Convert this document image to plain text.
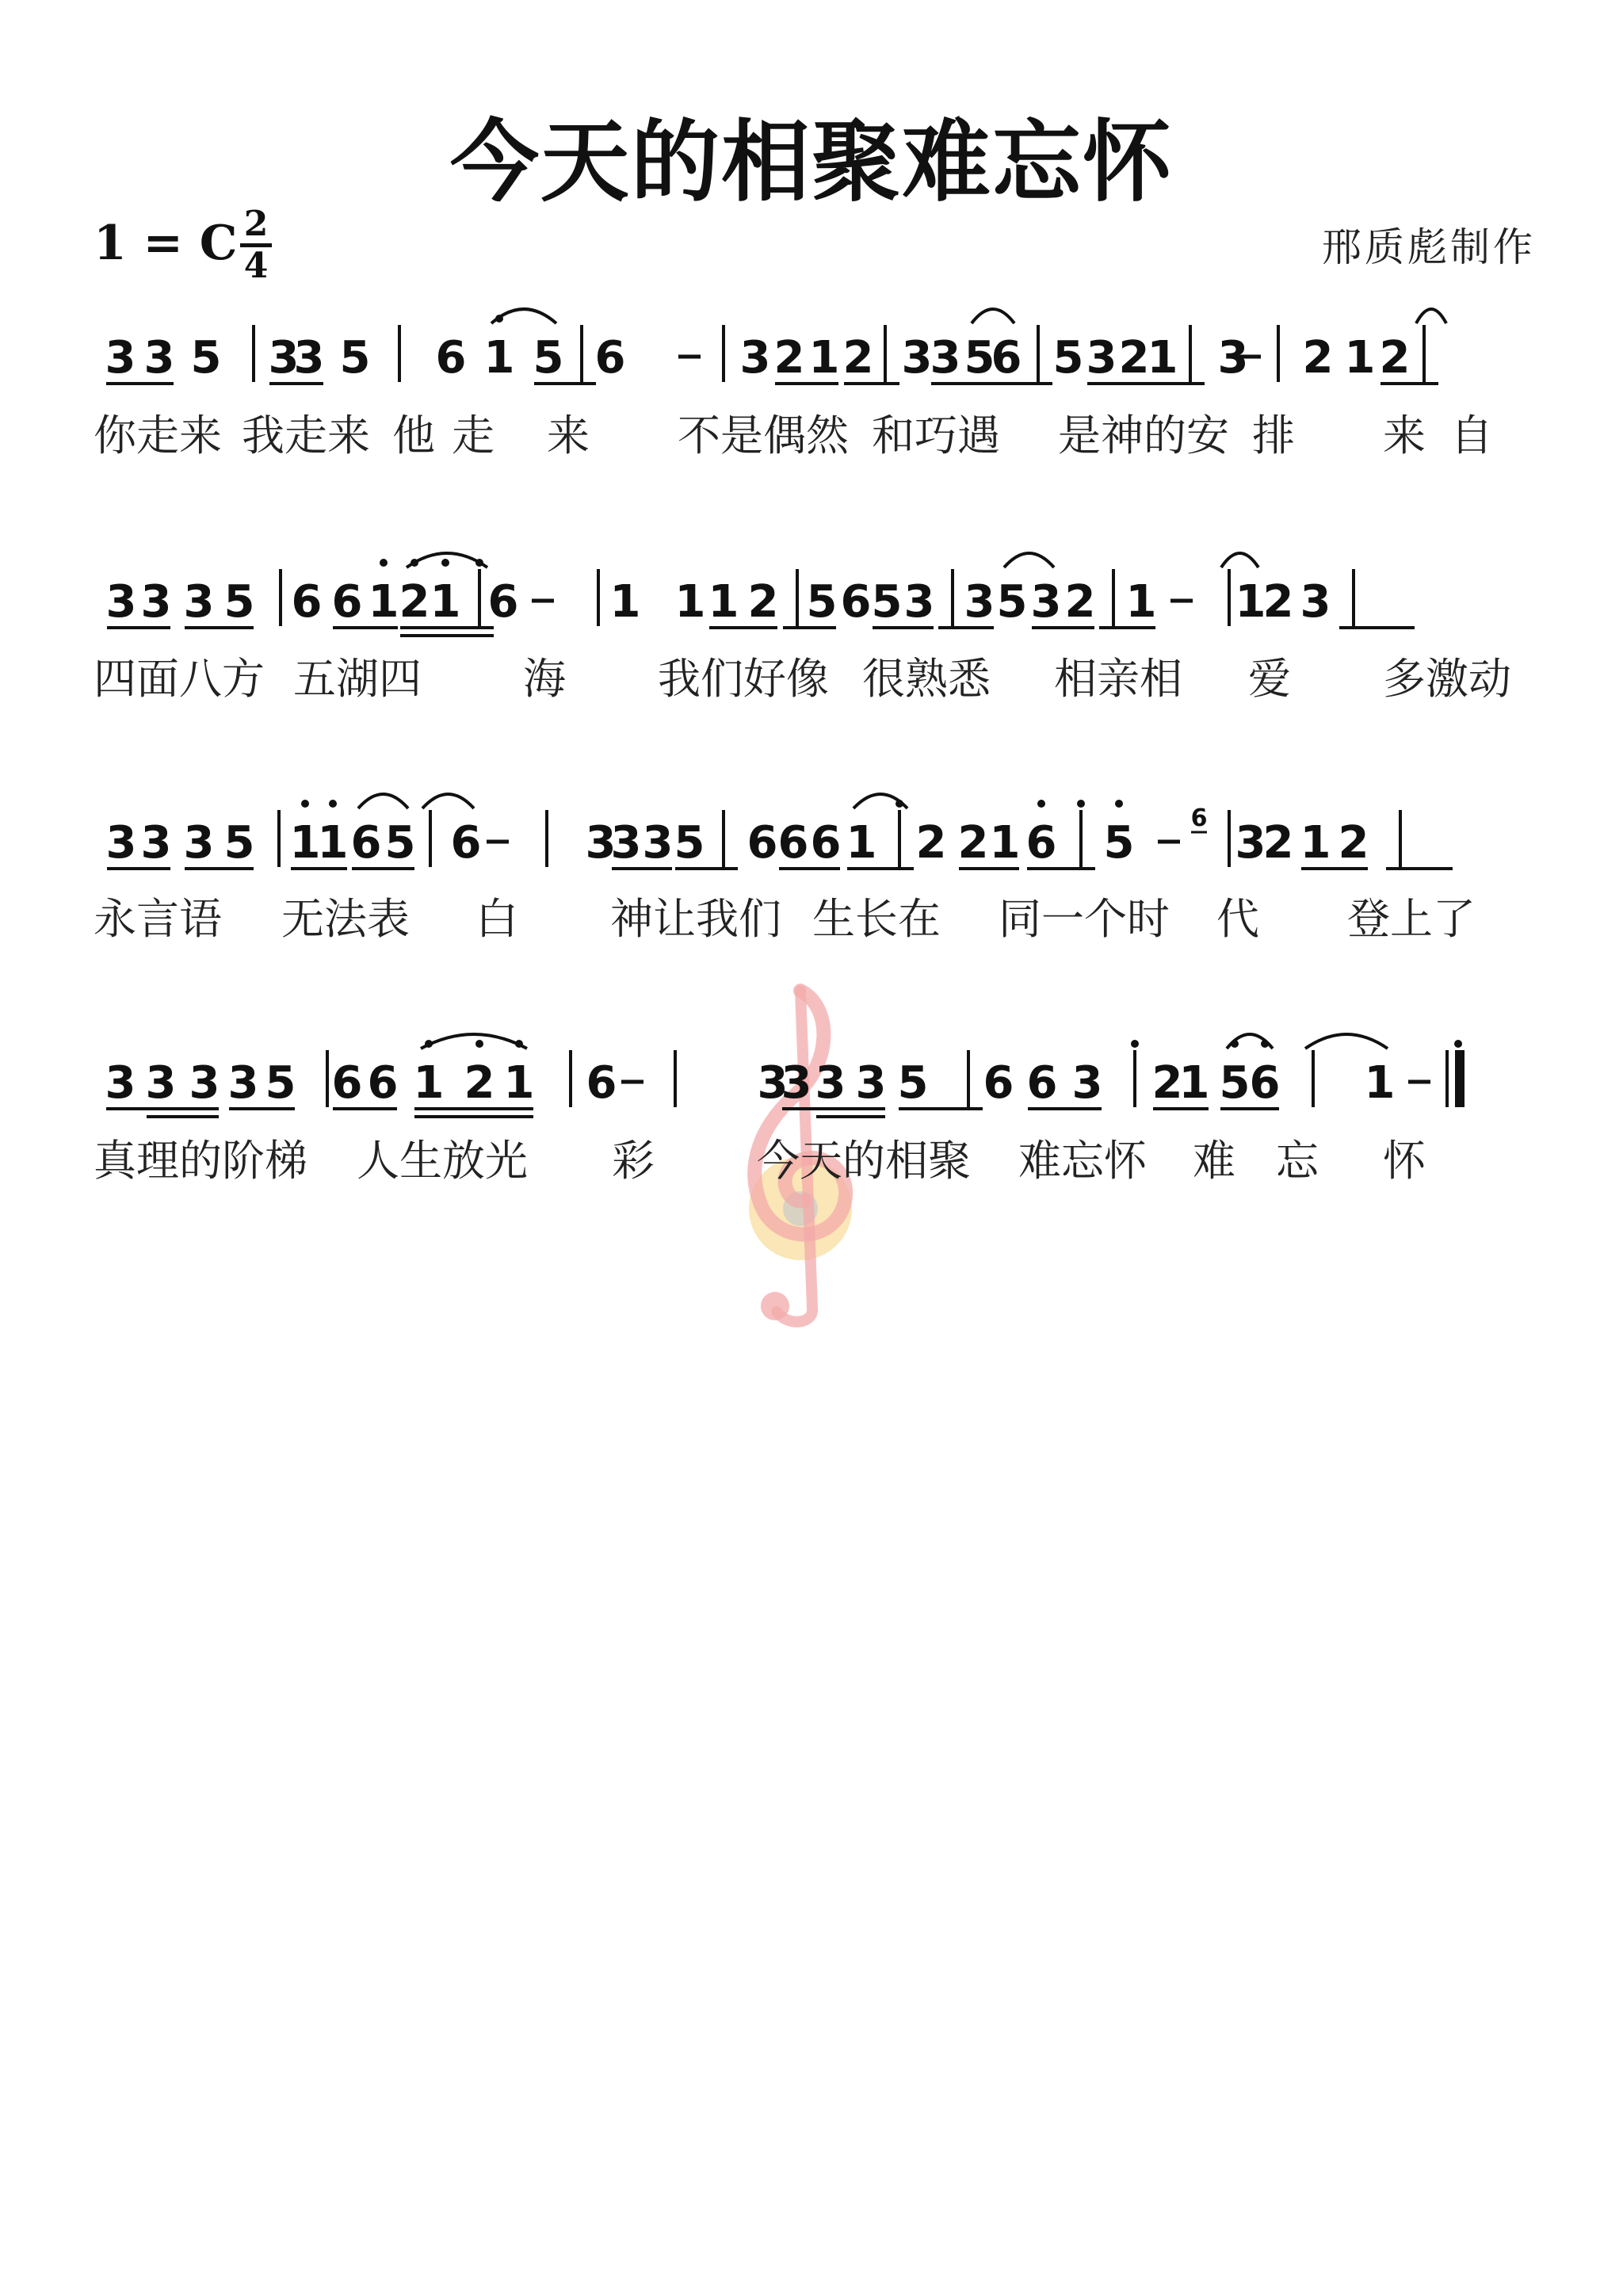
今天的相聚难忘怀
1 = C 2
4	邢质彪制作
3 3 5 3
3 5 6 1 5 6	3 2 1 2 3
3 5
6 5 3 2
1 3 2 1 2
你走来 我走来 他 走 来 不是偶然 和巧遇 是神的安 排 来 自
3 3 3 5 6 6 1 2 1 6 1 1 1 2 5 6 5 3 3 5 3 2 1 1
2 3
四面八方 五湖四 海 我们好像 很熟悉 相亲相 爱 多激动
3 3 3 5 1
1 6 5 6 3
3 3 5 6 6 6 1 2 2 1 6 5 3
2 1 2
6
永言语 无法表 白 神让我们 生长在 同一个时 代 登上了
3 3 3 3 5 6 6 1 2 1 6	3
3 3 3 5 6 6 3 2
1 5 6 1
真理的阶梯 人生放光 彩 今天的相聚 难忘怀 难 忘 怀
